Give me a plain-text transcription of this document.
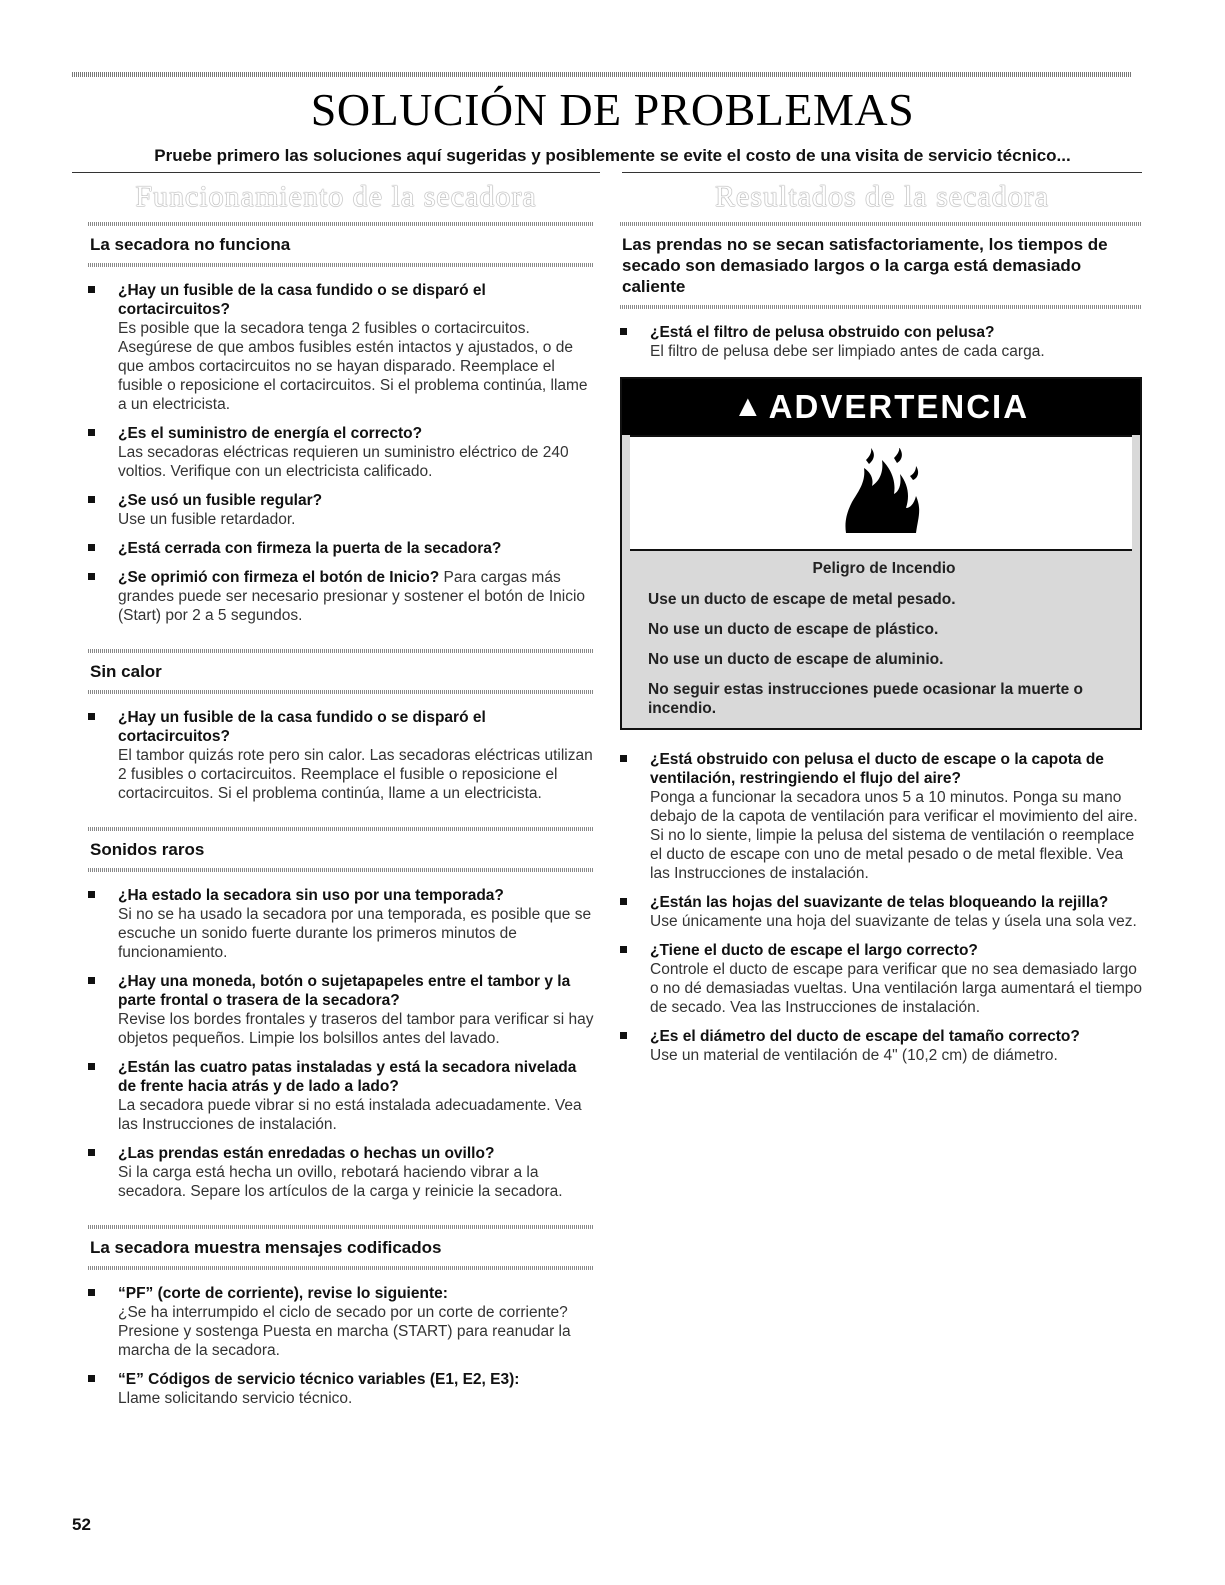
SOLUCIÓN DE PROBLEMAS
Pruebe primero las soluciones aquí sugeridas y posiblemente se evite el costo de una visita de servicio técnico...
Funcionamiento de la secadora	Resultados de la secadora
La secadora no funciona
¿Hay un fusible de la casa fundido o se disparó el cortacircuitos?
Es posible que la secadora tenga 2 fusibles o cortacircuitos. Asegúrese de que ambos fusibles estén intactos y ajustados, o de que ambos cortacircuitos no se hayan disparado. Reemplace el fusible o reposicione el cortacircuitos. Si el problema continúa, llame a un electricista.
¿Es el suministro de energía el correcto?
Las secadoras eléctricas requieren un suministro eléctrico de 240 voltios. Verifique con un electricista calificado.
¿Se usó un fusible regular?
Use un fusible retardador.
¿Está cerrada con firmeza la puerta de la secadora?
¿Se oprimió con firmeza el botón de Inicio? Para cargas más grandes puede ser necesario presionar y sostener el botón de Inicio (Start) por 2 a 5 segundos.
Sin calor
¿Hay un fusible de la casa fundido o se disparó el cortacircuitos?
El tambor quizás rote pero sin calor. Las secadoras eléctricas utilizan 2 fusibles o cortacircuitos. Reemplace el fusible o reposicione el cortacircuitos. Si el problema continúa, llame a un electricista.
Sonidos raros
¿Ha estado la secadora sin uso por una temporada?
Si no se ha usado la secadora por una temporada, es posible que se escuche un sonido fuerte durante los primeros minutos de funcionamiento.
¿Hay una moneda, botón o sujetapapeles entre el tambor y la parte frontal o trasera de la secadora?
Revise los bordes frontales y traseros del tambor para verificar si hay objetos pequeños. Limpie los bolsillos antes del lavado.
¿Están las cuatro patas instaladas y está la secadora nivelada de frente hacia atrás y de lado a lado?
La secadora puede vibrar si no está instalada adecuadamente. Vea las Instrucciones de instalación.
¿Las prendas están enredadas o hechas un ovillo?
Si la carga está hecha un ovillo, rebotará haciendo vibrar a la secadora. Separe los artículos de la carga y reinicie la secadora.
La secadora muestra mensajes codificados
“PF” (corte de corriente), revise lo siguiente:
¿Se ha interrumpido el ciclo de secado por un corte de corriente? Presione y sostenga Puesta en marcha (START) para reanudar la marcha de la secadora.
“E” Códigos de servicio técnico variables (E1, E2, E3):
Llame solicitando servicio técnico.
Las prendas no se secan satisfactoriamente, los tiempos de secado son demasiado largos o la carga está demasiado caliente
¿Está el filtro de pelusa obstruido con pelusa?
El filtro de pelusa debe ser limpiado antes de cada carga.
▲ ADVERTENCIA
Peligro de Incendio

Use un ducto de escape de metal pesado.

No use un ducto de escape de plástico.

No use un ducto de escape de aluminio.

No seguir estas instrucciones puede ocasionar la muerte o incendio.

¿Está obstruido con pelusa el ducto de escape o la capota de ventilación, restringiendo el flujo del aire?
Ponga a funcionar la secadora unos 5 a 10 minutos. Ponga su mano debajo de la capota de ventilación para verificar el movimiento del aire. Si no lo siente, limpie la pelusa del sistema de ventilación o reemplace el ducto de escape con uno de metal pesado o de metal flexible. Vea las Instrucciones de instalación.
¿Están las hojas del suavizante de telas bloqueando la rejilla?
Use únicamente una hoja del suavizante de telas y úsela una sola vez.
¿Tiene el ducto de escape el largo correcto?
Controle el ducto de escape para verificar que no sea demasiado largo o no dé demasiadas vueltas. Una ventilación larga aumentará el tiempo de secado. Vea las Instrucciones de instalación.
¿Es el diámetro del ducto de escape del tamaño correcto?
Use un material de ventilación de 4" (10,2 cm) de diámetro.
52
